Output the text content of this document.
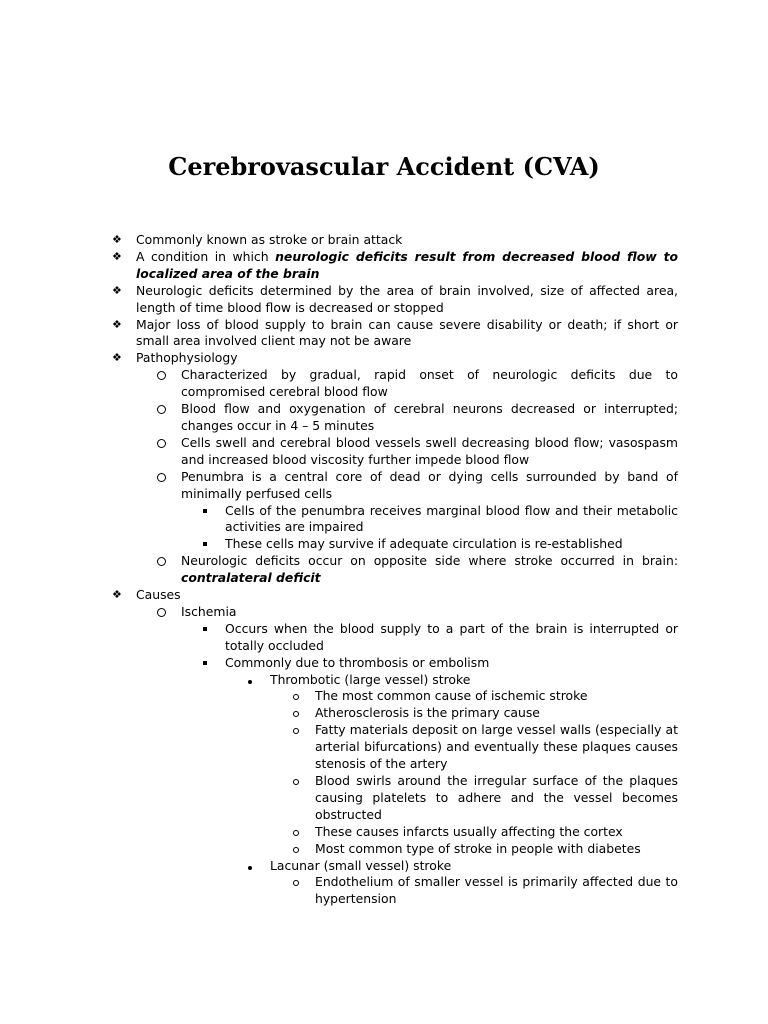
Cerebrovascular Accident (CVA)
❖ Commonly known as stroke or brain attack
❖ A condition in which neurologic deficits result from decreased blood flow to localized area of the brain
❖ Neurologic deficits determined by the area of brain involved, size of affected area, length of time blood flow is decreased or stopped
❖ Major loss of blood supply to brain can cause severe disability or death; if short or small area involved client may not be aware
❖ Pathophysiology
Characterized by gradual, rapid onset of neurologic deficits due to compromised cerebral blood flow
Blood flow and oxygenation of cerebral neurons decreased or interrupted; changes occur in 4 – 5 minutes
Cells swell and cerebral blood vessels swell decreasing blood flow; vasospasm and increased blood viscosity further impede blood flow
Penumbra is a central core of dead or dying cells surrounded by band of minimally perfused cells
Cells of the penumbra receives marginal blood flow and their metabolic activities are impaired
These cells may survive if adequate circulation is re-established
Neurologic deficits occur on opposite side where stroke occurred in brain: contralateral deficit
❖ Causes
Ischemia
Occurs when the blood supply to a part of the brain is interrupted or totally occluded
Commonly due to thrombosis or embolism
Thrombotic (large vessel) stroke
The most common cause of ischemic stroke
Atherosclerosis is the primary cause
Fatty materials deposit on large vessel walls (especially at arterial bifurcations) and eventually these plaques causes stenosis of the artery
Blood swirls around the irregular surface of the plaques causing platelets to adhere and the vessel becomes obstructed
These causes infarcts usually affecting the cortex
Most common type of stroke in people with diabetes
Lacunar (small vessel) stroke
Endothelium of smaller vessel is primarily affected due to hypertension
